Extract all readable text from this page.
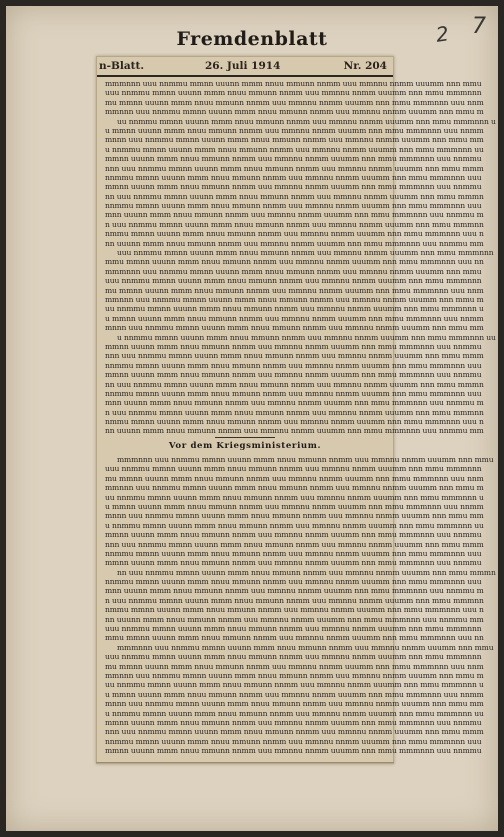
2 7
Fremdenblatt
n-Blatt.	26. Juli 1914	Nr. 204
mmmnnn uuu nnmmu mmnn uuunn mmm nnuu mmunn nnmm uuu mmnnu nnmm uuumm nnn mmu
uuu nnmmu mmnn uuunn mmm nnuu mmunn nnmm uuu mmnnu nnmm uuumm nnn mmu mmmnnn
mu mmnn uuunn mmm nnuu mmunn nnmm uuu mmnnu nnmm uuumm nnn mmu mmmnnn uuu nnm
mmnnn uuu nnmmu mmnn uuunn mmm nnuu mmunn nnmm uuu mmnnu nnmm uuumm nnn mmu m
uu nnmmu mmnn uuunn mmm nnuu mmunn nnmm uuu mmnnu nnmm uuumm nnn mmu mmmnnn u
u mmnn uuunn mmm nnuu mmunn nnmm uuu mmnnu nnmm uuumm nnn mmu mmmnnn uuu nnmm
mnnn uuu nnmmu mmnn uuunn mmm nnuu mmunn nnmm uuu mmnnu nnmm uuumm nnn mmu mm
u nnmmu mmnn uuunn mmm nnuu mmunn nnmm uuu mmnnu nnmm uuumm nnn mmu mmmnnn uu
mmnn uuunn mmm nnuu mmunn nnmm uuu mmnnu nnmm uuumm nnn mmu mmmnnn uuu nnmmu
nnn uuu nnmmu mmnn uuunn mmm nnuu mmunn nnmm uuu mmnnu nnmm uuumm nnn mmu mmm
nnmmu mmnn uuunn mmm nnuu mmunn nnmm uuu mmnnu nnmm uuumm nnn mmu mmmnnn uuu
mmnn uuunn mmm nnuu mmunn nnmm uuu mmnnu nnmm uuumm nnn mmu mmmnnn uuu nnmmu
nn uuu nnmmu mmnn uuunn mmm nnuu mmunn nnmm uuu mmnnu nnmm uuumm nnn mmu mmmn
nnmmu mmnn uuunn mmm nnuu mmunn nnmm uuu mmnnu nnmm uuumm nnn mmu mmmnnn uuu
mnn uuunn mmm nnuu mmunn nnmm uuu mmnnu nnmm uuumm nnn mmu mmmnnn uuu nnmmu m
n uuu nnmmu mmnn uuunn mmm nnuu mmunn nnmm uuu mmnnu nnmm uuumm nnn mmu mmmnn
nmmu mmnn uuunn mmm nnuu mmunn nnmm uuu mmnnu nnmm uuumm nnn mmu mmmnnn uuu n
nn uuunn mmm nnuu mmunn nnmm uuu mmnnu nnmm uuumm nnn mmu mmmnnn uuu nnmmu mm
uuu nnmmu mmnn uuunn mmm nnuu mmunn nnmm uuu mmnnu nnmm uuumm nnn mmu mmmnnn
mmu mmnn uuunn mmm nnuu mmunn nnmm uuu mmnnu nnmm uuumm nnn mmu mmmnnn uuu nn
mmmnnn uuu nnmmu mmnn uuunn mmm nnuu mmunn nnmm uuu mmnnu nnmm uuumm nnn mmu
uuu nnmmu mmnn uuunn mmm nnuu mmunn nnmm uuu mmnnu nnmm uuumm nnn mmu mmmnnn
mu mmnn uuunn mmm nnuu mmunn nnmm uuu mmnnu nnmm uuumm nnn mmu mmmnnn uuu nnm
mmnnn uuu nnmmu mmnn uuunn mmm nnuu mmunn nnmm uuu mmnnu nnmm uuumm nnn mmu m
uu nnmmu mmnn uuunn mmm nnuu mmunn nnmm uuu mmnnu nnmm uuumm nnn mmu mmmnnn u
u mmnn uuunn mmm nnuu mmunn nnmm uuu mmnnu nnmm uuumm nnn mmu mmmnnn uuu nnmm
mnnn uuu nnmmu mmnn uuunn mmm nnuu mmunn nnmm uuu mmnnu nnmm uuumm nnn mmu mm
u nnmmu mmnn uuunn mmm nnuu mmunn nnmm uuu mmnnu nnmm uuumm nnn mmu mmmnnn uu
mmnn uuunn mmm nnuu mmunn nnmm uuu mmnnu nnmm uuumm nnn mmu mmmnnn uuu nnmmu
nnn uuu nnmmu mmnn uuunn mmm nnuu mmunn nnmm uuu mmnnu nnmm uuumm nnn mmu mmm
nnmmu mmnn uuunn mmm nnuu mmunn nnmm uuu mmnnu nnmm uuumm nnn mmu mmmnnn uuu
mmnn uuunn mmm nnuu mmunn nnmm uuu mmnnu nnmm uuumm nnn mmu mmmnnn uuu nnmmu
nn uuu nnmmu mmnn uuunn mmm nnuu mmunn nnmm uuu mmnnu nnmm uuumm nnn mmu mmmn
nnmmu mmnn uuunn mmm nnuu mmunn nnmm uuu mmnnu nnmm uuumm nnn mmu mmmnnn uuu
mnn uuunn mmm nnuu mmunn nnmm uuu mmnnu nnmm uuumm nnn mmu mmmnnn uuu nnmmu m
n uuu nnmmu mmnn uuunn mmm nnuu mmunn nnmm uuu mmnnu nnmm uuumm nnn mmu mmmnn
nmmu mmnn uuunn mmm nnuu mmunn nnmm uuu mmnnu nnmm uuumm nnn mmu mmmnnn uuu n
nn uuunn mmm nnuu mmunn nnmm uuu mmnnu nnmm uuumm nnn mmu mmmnnn uuu nnmmu mm
Vor dem Kriegsministerium.
mmmnnn uuu nnmmu mmnn uuunn mmm nnuu mmunn nnmm uuu mmnnu nnmm uuumm nnn mmu
uuu nnmmu mmnn uuunn mmm nnuu mmunn nnmm uuu mmnnu nnmm uuumm nnn mmu mmmnnn
mu mmnn uuunn mmm nnuu mmunn nnmm uuu mmnnu nnmm uuumm nnn mmu mmmnnn uuu nnm
mmnnn uuu nnmmu mmnn uuunn mmm nnuu mmunn nnmm uuu mmnnu nnmm uuumm nnn mmu m
uu nnmmu mmnn uuunn mmm nnuu mmunn nnmm uuu mmnnu nnmm uuumm nnn mmu mmmnnn u
u mmnn uuunn mmm nnuu mmunn nnmm uuu mmnnu nnmm uuumm nnn mmu mmmnnn uuu nnmm
mnnn uuu nnmmu mmnn uuunn mmm nnuu mmunn nnmm uuu mmnnu nnmm uuumm nnn mmu mm
u nnmmu mmnn uuunn mmm nnuu mmunn nnmm uuu mmnnu nnmm uuumm nnn mmu mmmnnn uu
mmnn uuunn mmm nnuu mmunn nnmm uuu mmnnu nnmm uuumm nnn mmu mmmnnn uuu nnmmu
nnn uuu nnmmu mmnn uuunn mmm nnuu mmunn nnmm uuu mmnnu nnmm uuumm nnn mmu mmm
nnmmu mmnn uuunn mmm nnuu mmunn nnmm uuu mmnnu nnmm uuumm nnn mmu mmmnnn uuu
mmnn uuunn mmm nnuu mmunn nnmm uuu mmnnu nnmm uuumm nnn mmu mmmnnn uuu nnmmu
nn uuu nnmmu mmnn uuunn mmm nnuu mmunn nnmm uuu mmnnu nnmm uuumm nnn mmu mmmn
nnmmu mmnn uuunn mmm nnuu mmunn nnmm uuu mmnnu nnmm uuumm nnn mmu mmmnnn uuu
mnn uuunn mmm nnuu mmunn nnmm uuu mmnnu nnmm uuumm nnn mmu mmmnnn uuu nnmmu m
n uuu nnmmu mmnn uuunn mmm nnuu mmunn nnmm uuu mmnnu nnmm uuumm nnn mmu mmmnn
nmmu mmnn uuunn mmm nnuu mmunn nnmm uuu mmnnu nnmm uuumm nnn mmu mmmnnn uuu n
nn uuunn mmm nnuu mmunn nnmm uuu mmnnu nnmm uuumm nnn mmu mmmnnn uuu nnmmu mm
uuu nnmmu mmnn uuunn mmm nnuu mmunn nnmm uuu mmnnu nnmm uuumm nnn mmu mmmnnn
mmu mmnn uuunn mmm nnuu mmunn nnmm uuu mmnnu nnmm uuumm nnn mmu mmmnnn uuu nn
mmmnnn uuu nnmmu mmnn uuunn mmm nnuu mmunn nnmm uuu mmnnu nnmm uuumm nnn mmu
uuu nnmmu mmnn uuunn mmm nnuu mmunn nnmm uuu mmnnu nnmm uuumm nnn mmu mmmnnn
mu mmnn uuunn mmm nnuu mmunn nnmm uuu mmnnu nnmm uuumm nnn mmu mmmnnn uuu nnm
mmnnn uuu nnmmu mmnn uuunn mmm nnuu mmunn nnmm uuu mmnnu nnmm uuumm nnn mmu m
uu nnmmu mmnn uuunn mmm nnuu mmunn nnmm uuu mmnnu nnmm uuumm nnn mmu mmmnnn u
u mmnn uuunn mmm nnuu mmunn nnmm uuu mmnnu nnmm uuumm nnn mmu mmmnnn uuu nnmm
mnnn uuu nnmmu mmnn uuunn mmm nnuu mmunn nnmm uuu mmnnu nnmm uuumm nnn mmu mm
u nnmmu mmnn uuunn mmm nnuu mmunn nnmm uuu mmnnu nnmm uuumm nnn mmu mmmnnn uu
mmnn uuunn mmm nnuu mmunn nnmm uuu mmnnu nnmm uuumm nnn mmu mmmnnn uuu nnmmu
nnn uuu nnmmu mmnn uuunn mmm nnuu mmunn nnmm uuu mmnnu nnmm uuumm nnn mmu mmm
nnmmu mmnn uuunn mmm nnuu mmunn nnmm uuu mmnnu nnmm uuumm nnn mmu mmmnnn uuu
mmnn uuunn mmm nnuu mmunn nnmm uuu mmnnu nnmm uuumm nnn mmu mmmnnn uuu nnmmu
